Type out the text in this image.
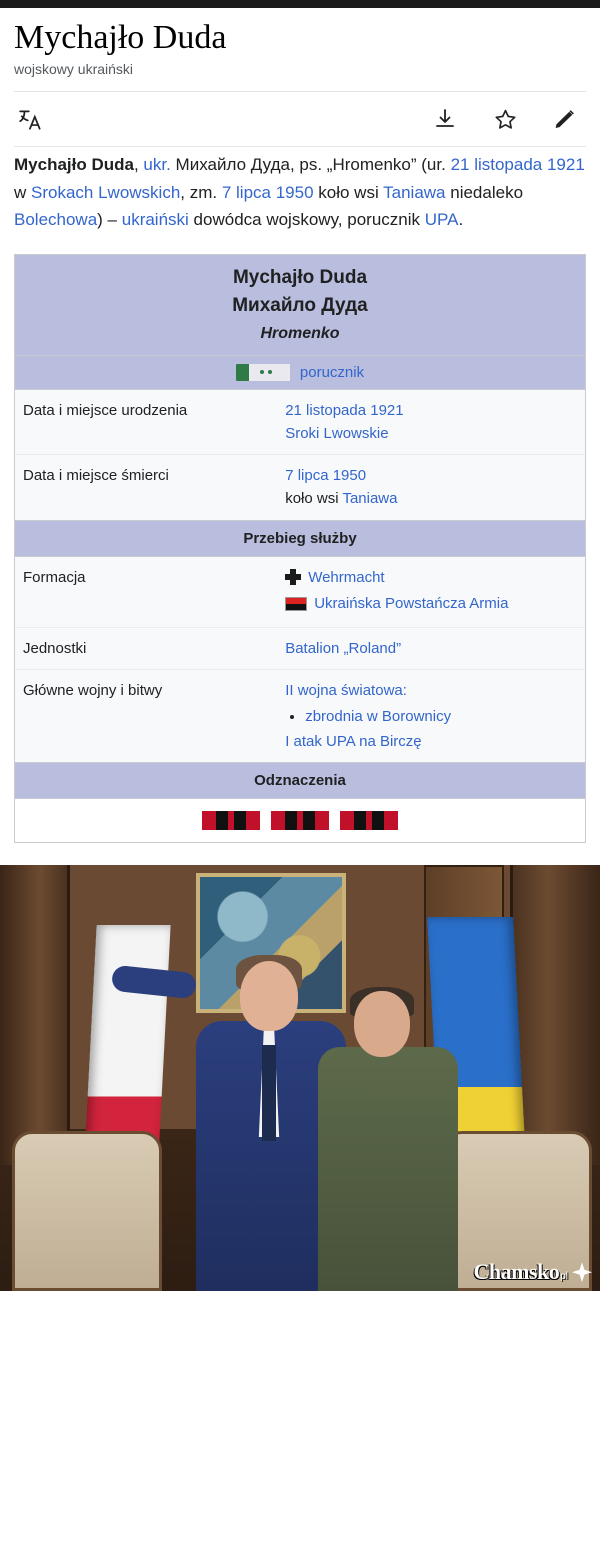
Mychajło Duda
wojskowy ukraiński

Mychajło Duda, ukr. Михайло Дуда, ps. „Hromenko” (ur. 21 listopada 1921 w Srokach Lwowskich, zm. 7 lipca 1950 koło wsi Taniawa niedaleko Bolechowa) – ukraiński dowódca wojskowy, porucznik UPA.

Mychajło Duda
Михайло Дуда
Hromenko
porucznik
Data i miejsce urodzenia	21 listopada 1921
Sroki Lwowskie

Data i miejsce śmierci	7 lipca 1950
koło wsi Taniawa

Przebieg służby	
Formacja	Wehrmacht
Ukraińska Powstańcza Armia

Jednostki	Batalion „Roland”

Główne wojny i bitwy	II wojna światowa:
• zbrodnia w Borownicy
I atak UPA na Birczę

Odznaczenia	
Chamsko pl
